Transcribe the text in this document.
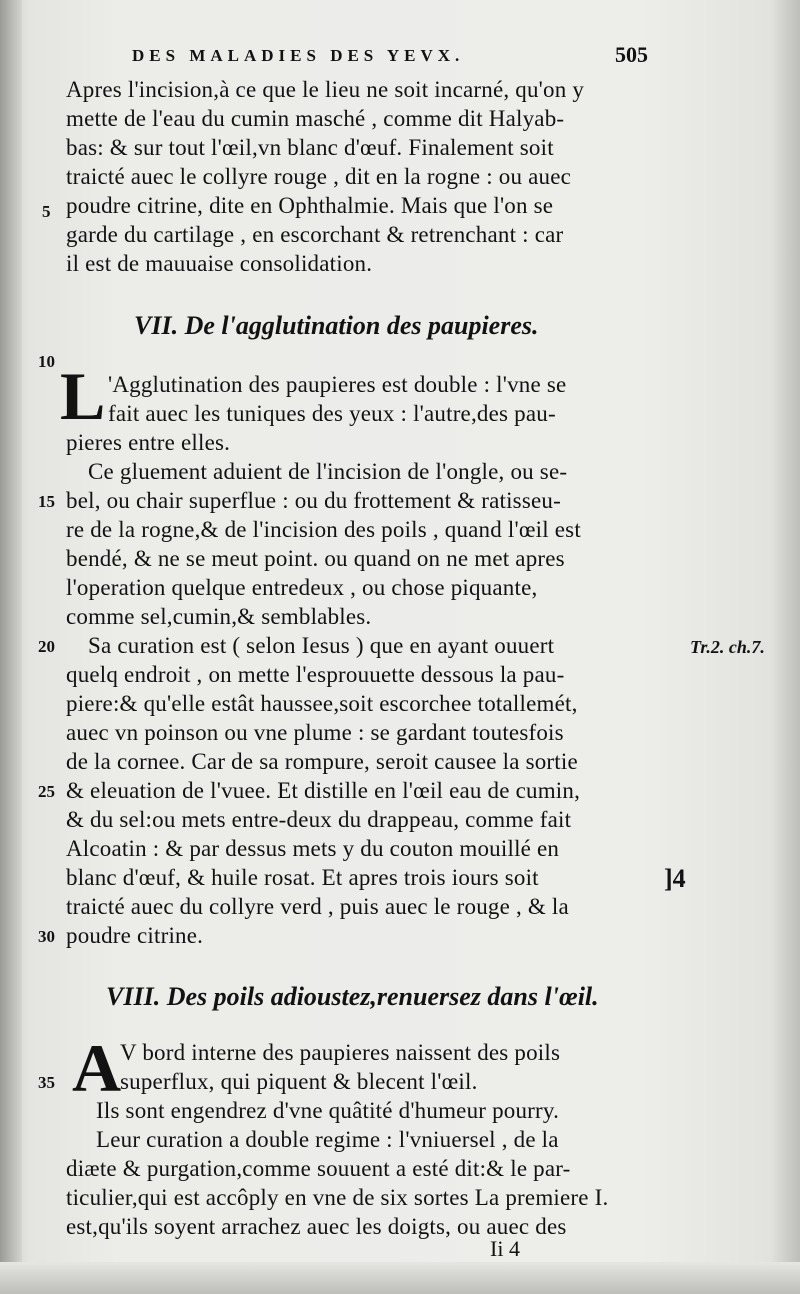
DES MALADIES DES YEVX.	505
Apres l'incision,à ce que le lieu ne soit incarné, qu'on y
mette de l'eau du cumin masché , comme dit Halyab-
bas: & sur tout l'œil,vn blanc d'œuf. Finalement soit
traicté auec le collyre rouge , dit en la rogne : ou auec
poudre citrine, dite en Ophthalmie. Mais que l'on se
garde du cartilage , en escorchant & retrenchant : car
il est de mauuaise consolidation.
VII. De l'agglutination des paupieres.
L 'Agglutination des paupieres est double : l'vne se
fait auec les tuniques des yeux : l'autre,des pau-
pieres entre elles.
Ce gluement aduient de l'incision de l'ongle, ou se-
bel, ou chair superflue : ou du frottement & ratisseu-
re de la rogne,& de l'incision des poils , quand l'œil est
bendé, & ne se meut point. ou quand on ne met apres
l'operation quelque entredeux , ou chose piquante,
comme sel,cumin,& semblables.
Sa curation est ( selon Iesus ) que en ayant ouuert
quelq endroit , on mette l'esprouuette dessous la pau-
piere:& qu'elle estât haussee,soit escorchee totallemét,
auec vn poinson ou vne plume : se gardant toutesfois
de la cornee. Car de sa rompure, seroit causee la sortie
& eleuation de l'vuee. Et distille en l'œil eau de cumin,
& du sel:ou mets entre-deux du drappeau, comme fait
Alcoatin : & par dessus mets y du couton mouillé en
blanc d'œuf, & huile rosat. Et apres trois iours soit
traicté auec du collyre verd , puis auec le rouge , & la
poudre citrine.
VIII. Des poils adioustez,renuersez dans l'œil.
A
V bord interne des paupieres naissent des poils
superflux, qui piquent & blecent l'œil.
Ils sont engendrez d'vne quâtité d'humeur pourry.
Leur curation a double regime : l'vniuersel , de la
diæte & purgation,comme souuent a esté dit:& le par-
ticulier,qui est accôply en vne de six sortes La premiere I.
est,qu'ils soyent arrachez auec les doigts, ou auec des
5
10
15
20
25
30
35
Tr.2. ch.7.
]4
Ii 4
